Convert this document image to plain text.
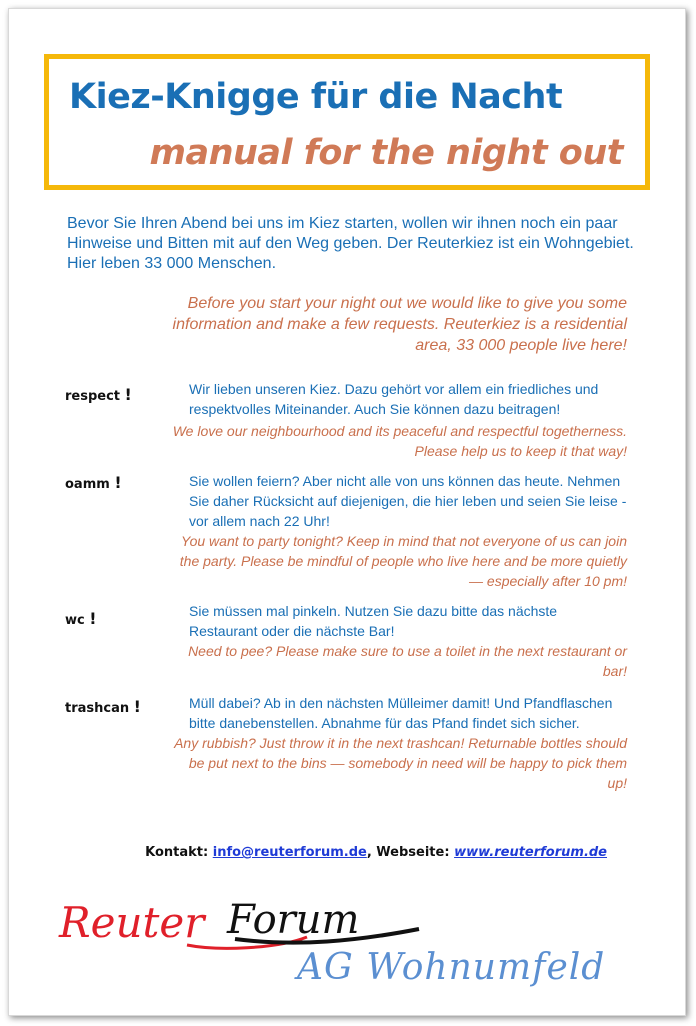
Kiez-Knigge für die Nacht
manual for the night out
Bevor Sie Ihren Abend bei uns im Kiez starten, wollen wir ihnen noch ein paar Hinweise und Bitten mit auf den Weg geben. Der Reuterkiez ist ein Wohngebiet. Hier leben 33 000 Menschen.
Before you start your night out we would like to give you some information and make a few requests. Reuterkiez is a residential area, 33 000 people live here!
respect !	Wir lieben unseren Kiez. Dazu gehört vor allem ein friedliches und respektvolles Miteinander. Auch Sie können dazu beitragen!
We love our neighbourhood and its peaceful and respectful togetherness. Please help us to keep it that way!
oamm !	Sie wollen feiern? Aber nicht alle von uns können das heute. Nehmen Sie daher Rücksicht auf diejenigen, die hier leben und seien Sie leise - vor allem nach 22 Uhr!
You want to party tonight? Keep in mind that not everyone of us can join the party. Please be mindful of people who live here and be more quietly — especially after 10 pm!
wc !	Sie müssen mal pinkeln. Nutzen Sie dazu bitte das nächste Restaurant oder die nächste Bar!
Need to pee? Please make sure to use a toilet in the next restaurant or bar!
trashcan !	Müll dabei? Ab in den nächsten Mülleimer damit! Und Pfandflaschen bitte danebenstellen. Abnahme für das Pfand findet sich sicher.
Any rubbish? Just throw it in the next trashcan! Returnable bottles should be put next to the bins — somebody in need will be happy to pick them up!
Kontakt: info@reuterforum.de, Webseite: www.reuterforum.de
Reuter Forum
AG Wohnumfeld
